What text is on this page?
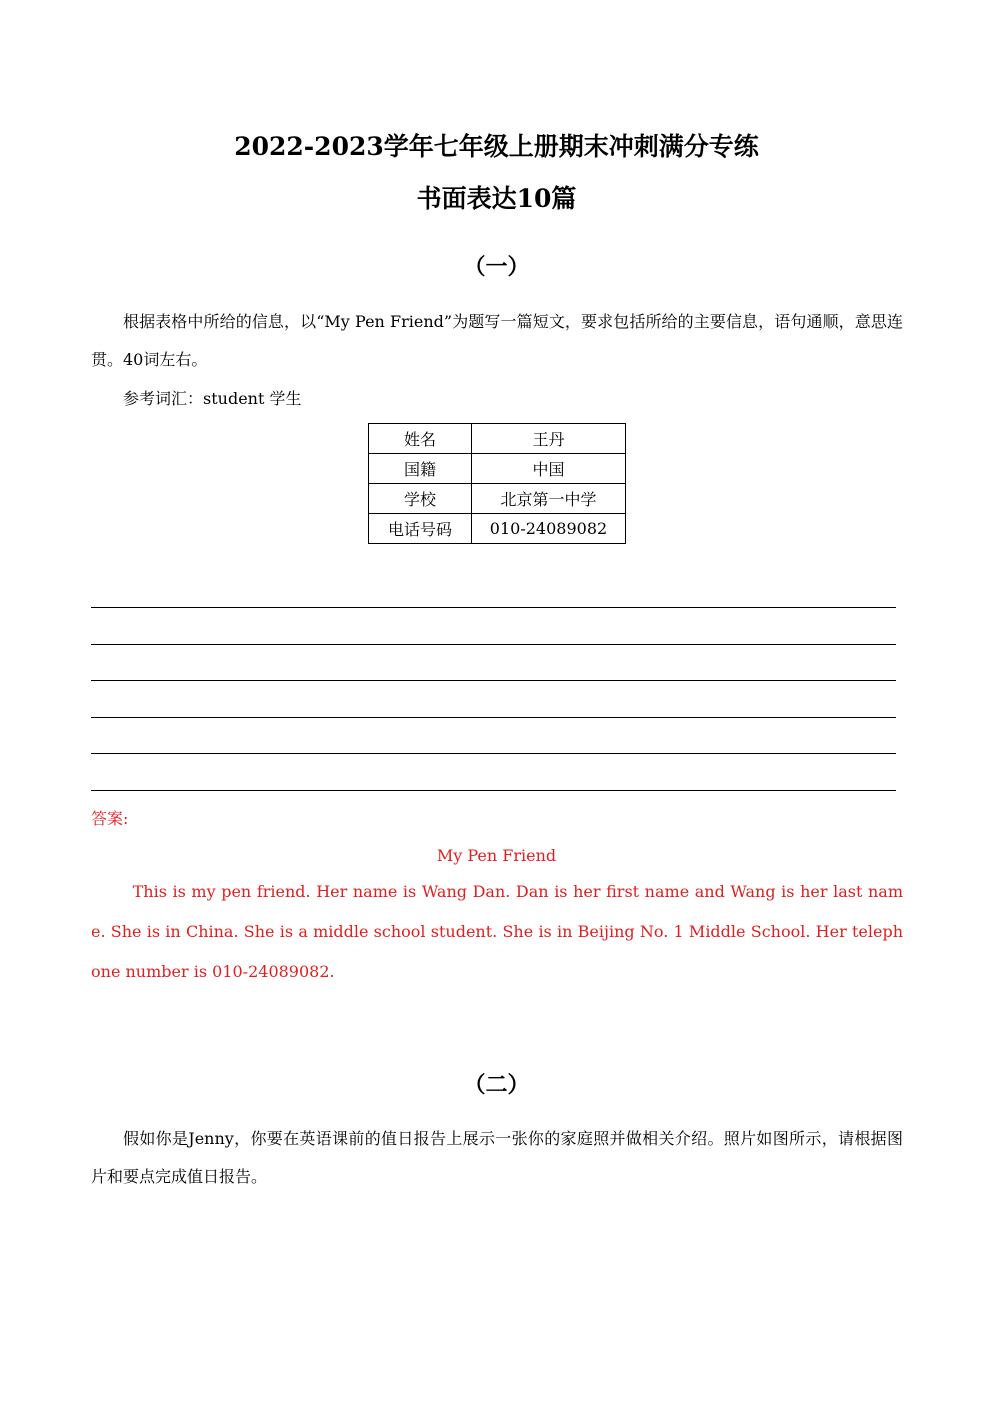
2022-2023学年七年级上册期末冲刺满分专练
书面表达10篇
（一）
根据表格中所给的信息，以“My Pen Friend”为题写一篇短文，要求包括所给的主要信息，语句通顺，意思连贯。40词左右。
参考词汇：student 学生
姓名	王丹
国籍	中国
学校	北京第一中学
电话号码	010-24089082
答案:
My Pen Friend
This is my pen friend. Her name is Wang Dan. Dan is her first name and Wang is her last name. She is in China. She is a middle school student. She is in Beijing No. 1 Middle School. Her telephone number is 010-24089082.
（二）
假如你是Jenny，你要在英语课前的值日报告上展示一张你的家庭照并做相关介绍。照片如图所示，请根据图片和要点完成值日报告。
